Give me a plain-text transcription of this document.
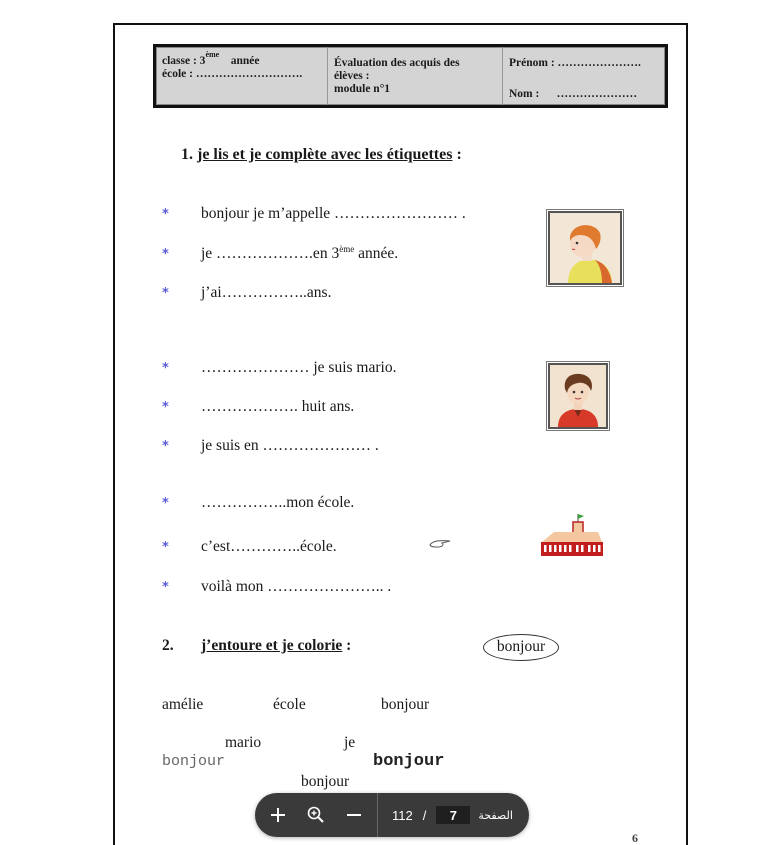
classe : 3ème    année
école : ……………………….
Évaluation des acquis des
élèves :
module n°1
Prénom : ………………….
Nom : …………………
1. je lis et je complète avec les étiquettes :
*	bonjour je m’appelle …………………… .
*	je ……………….en 3ème année.
*	j’ai……………..ans.
*	………………… je suis mario.
*	………………. huit ans.
*	je suis en ………………… .
*	……………..mon école.
*	c’est…………..école.
*	voilà mon ………………….. .
2. j’entoure et je colorie :	bonjour
amélie	école	bonjour
mario	je
bonjour	bonjour
bonjour
6
112 /
7	الصفحة
